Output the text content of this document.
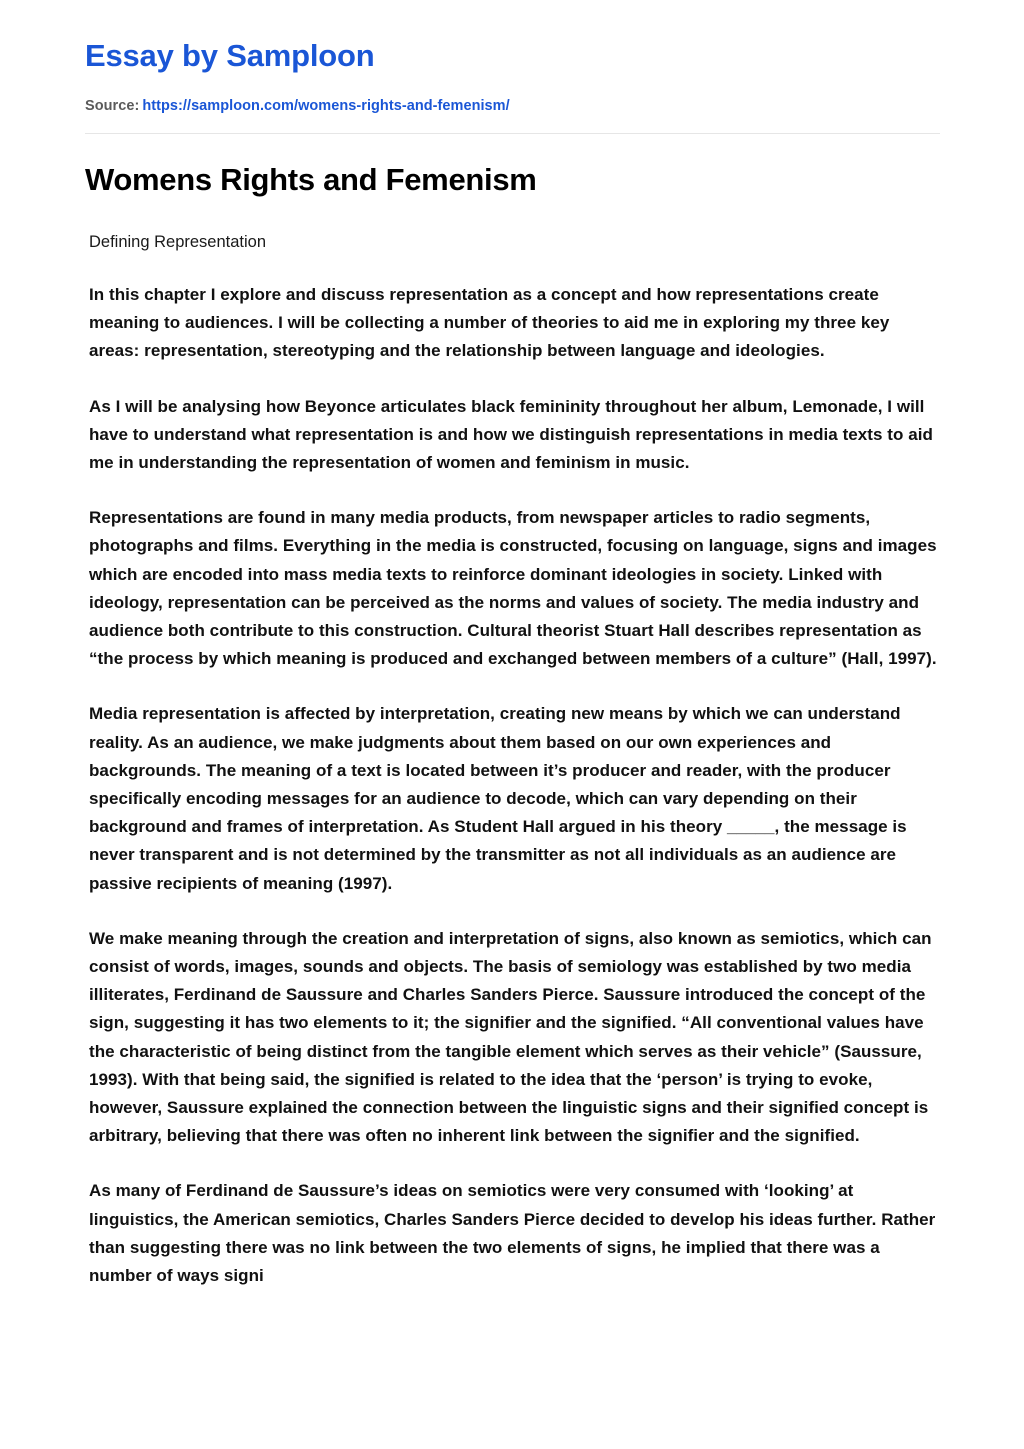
Essay by Samploon
Source: https://samploon.com/womens-rights-and-femenism/
Womens Rights and Femenism
Defining Representation

In this chapter I explore and discuss representation as a concept and how representations create meaning to audiences. I will be collecting a number of theories to aid me in exploring my three key areas: representation, stereotyping and the relationship between language and ideologies.

As I will be analysing how Beyonce articulates black femininity throughout her album, Lemonade, I will have to understand what representation is and how we distinguish representations in media texts to aid me in understanding the representation of women and feminism in music.

Representations are found in many media products, from newspaper articles to radio segments, photographs and films. Everything in the media is constructed, focusing on language, signs and images which are encoded into mass media texts to reinforce dominant ideologies in society. Linked with ideology, representation can be perceived as the norms and values of society. The media industry and audience both contribute to this construction. Cultural theorist Stuart Hall describes representation as “the process by which meaning is produced and exchanged between members of a culture” (Hall, 1997).

Media representation is affected by interpretation, creating new means by which we can understand reality. As an audience, we make judgments about them based on our own experiences and backgrounds. The meaning of a text is located between it’s producer and reader, with the producer specifically encoding messages for an audience to decode, which can vary depending on their background and frames of interpretation. As Student Hall argued in his theory _____, the message is never transparent and is not determined by the transmitter as not all individuals as an audience are passive recipients of meaning (1997).

We make meaning through the creation and interpretation of signs, also known as semiotics, which can consist of words, images, sounds and objects. The basis of semiology was established by two media illiterates, Ferdinand de Saussure and Charles Sanders Pierce. Saussure introduced the concept of the sign, suggesting it has two elements to it; the signifier and the signified. “All conventional values have the characteristic of being distinct from the tangible element which serves as their vehicle” (Saussure, 1993). With that being said, the signified is related to the idea that the ‘person’ is trying to evoke, however, Saussure explained the connection between the linguistic signs and their signified concept is arbitrary, believing that there was often no inherent link between the signifier and the signified.

As many of Ferdinand de Saussure’s ideas on semiotics were very consumed with ‘looking’ at linguistics, the American semiotics, Charles Sanders Pierce decided to develop his ideas further. Rather than suggesting there was no link between the two elements of signs, he implied that there was a number of ways signi
